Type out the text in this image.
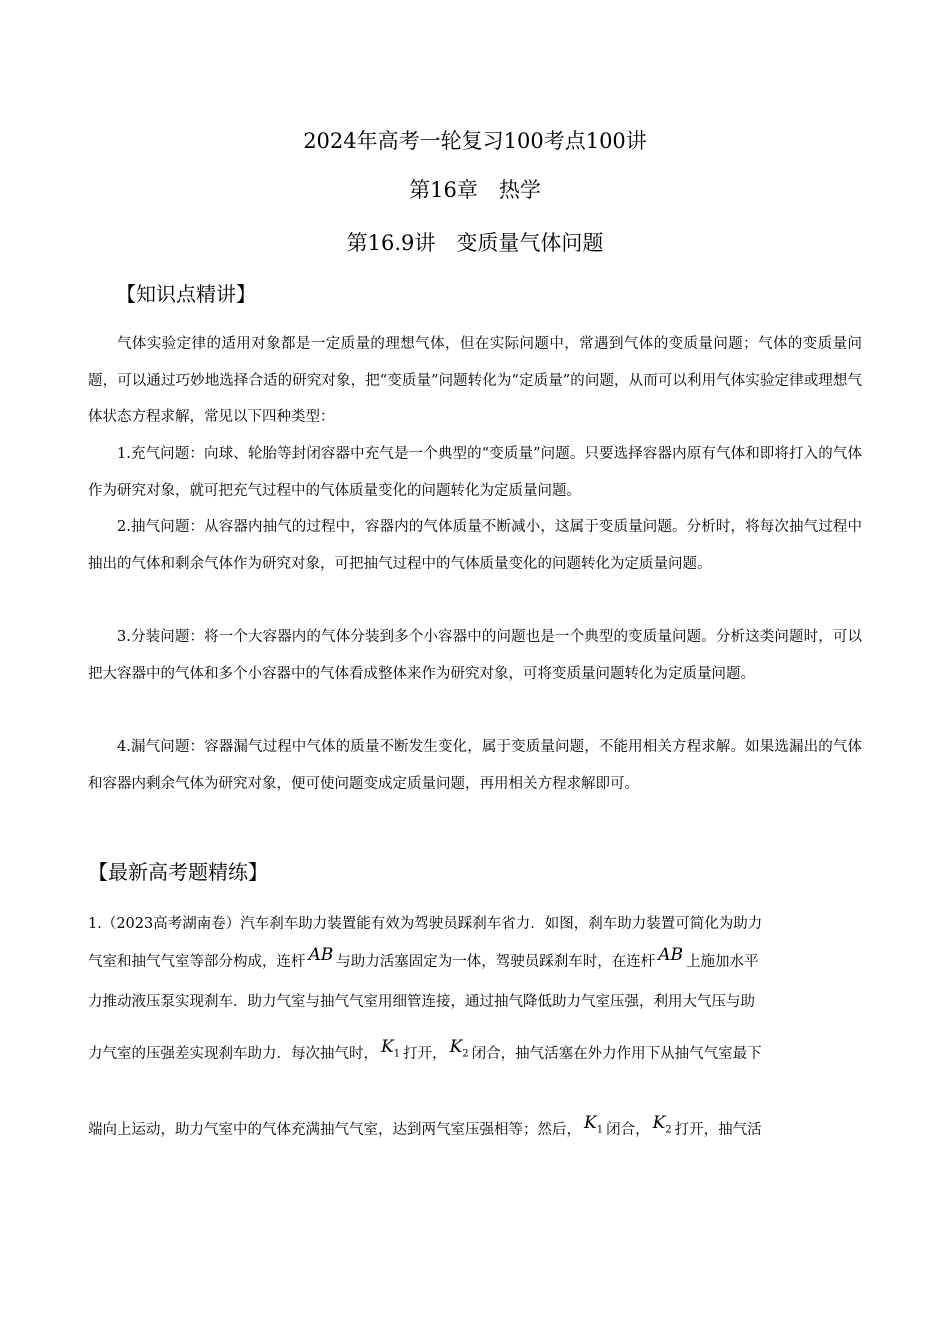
2024年高考一轮复习100考点100讲
第16章　热学
第16.9讲　变质量气体问题
【知识点精讲】

气体实验定律的适用对象都是一定质量的理想气体，但在实际问题中，常遇到气体的变质量问题；气体的变质量问题，可以通过巧妙地选择合适的研究对象，把“变质量”问题转化为“定质量”的问题，从而可以利用气体实验定律或理想气体状态方程求解，常见以下四种类型：

1.充气问题：向球、轮胎等封闭容器中充气是一个典型的“变质量”问题。只要选择容器内原有气体和即将打入的气体作为研究对象，就可把充气过程中的气体质量变化的问题转化为定质量问题。

2.抽气问题：从容器内抽气的过程中，容器内的气体质量不断减小，这属于变质量问题。分析时，将每次抽气过程中抽出的气体和剩余气体作为研究对象，可把抽气过程中的气体质量变化的问题转化为定质量问题。

3.分装问题：将一个大容器内的气体分装到多个小容器中的问题也是一个典型的变质量问题。分析这类问题时，可以把大容器中的气体和多个小容器中的气体看成整体来作为研究对象，可将变质量问题转化为定质量问题。

4.漏气问题：容器漏气过程中气体的质量不断发生变化，属于变质量问题，不能用相关方程求解。如果选漏出的气体和容器内剩余气体为研究对象，便可使问题变成定质量问题，再用相关方程求解即可。

【最新高考题精练】
1.（2023高考湖南卷）汽车刹车助力装置能有效为驾驶员踩刹车省力．如图，刹车助力装置可简化为助力
气室和抽气气室等部分构成，连杆 AB 与助力活塞固定为一体，驾驶员踩刹车时，在连杆 AB 上施加水平
力推动液压泵实现刹车．助力气室与抽气气室用细管连接，通过抽气降低助力气室压强，利用大气压与助
力气室的压强差实现刹车助力．每次抽气时， $K_1$ 打开， $K_2$ 闭合，抽气活塞在外力作用下从抽气气室最下
端向上运动，助力气室中的气体充满抽气气室，达到两气室压强相等；然后， $K_1$ 闭合， $K_2$ 打开，抽气活
